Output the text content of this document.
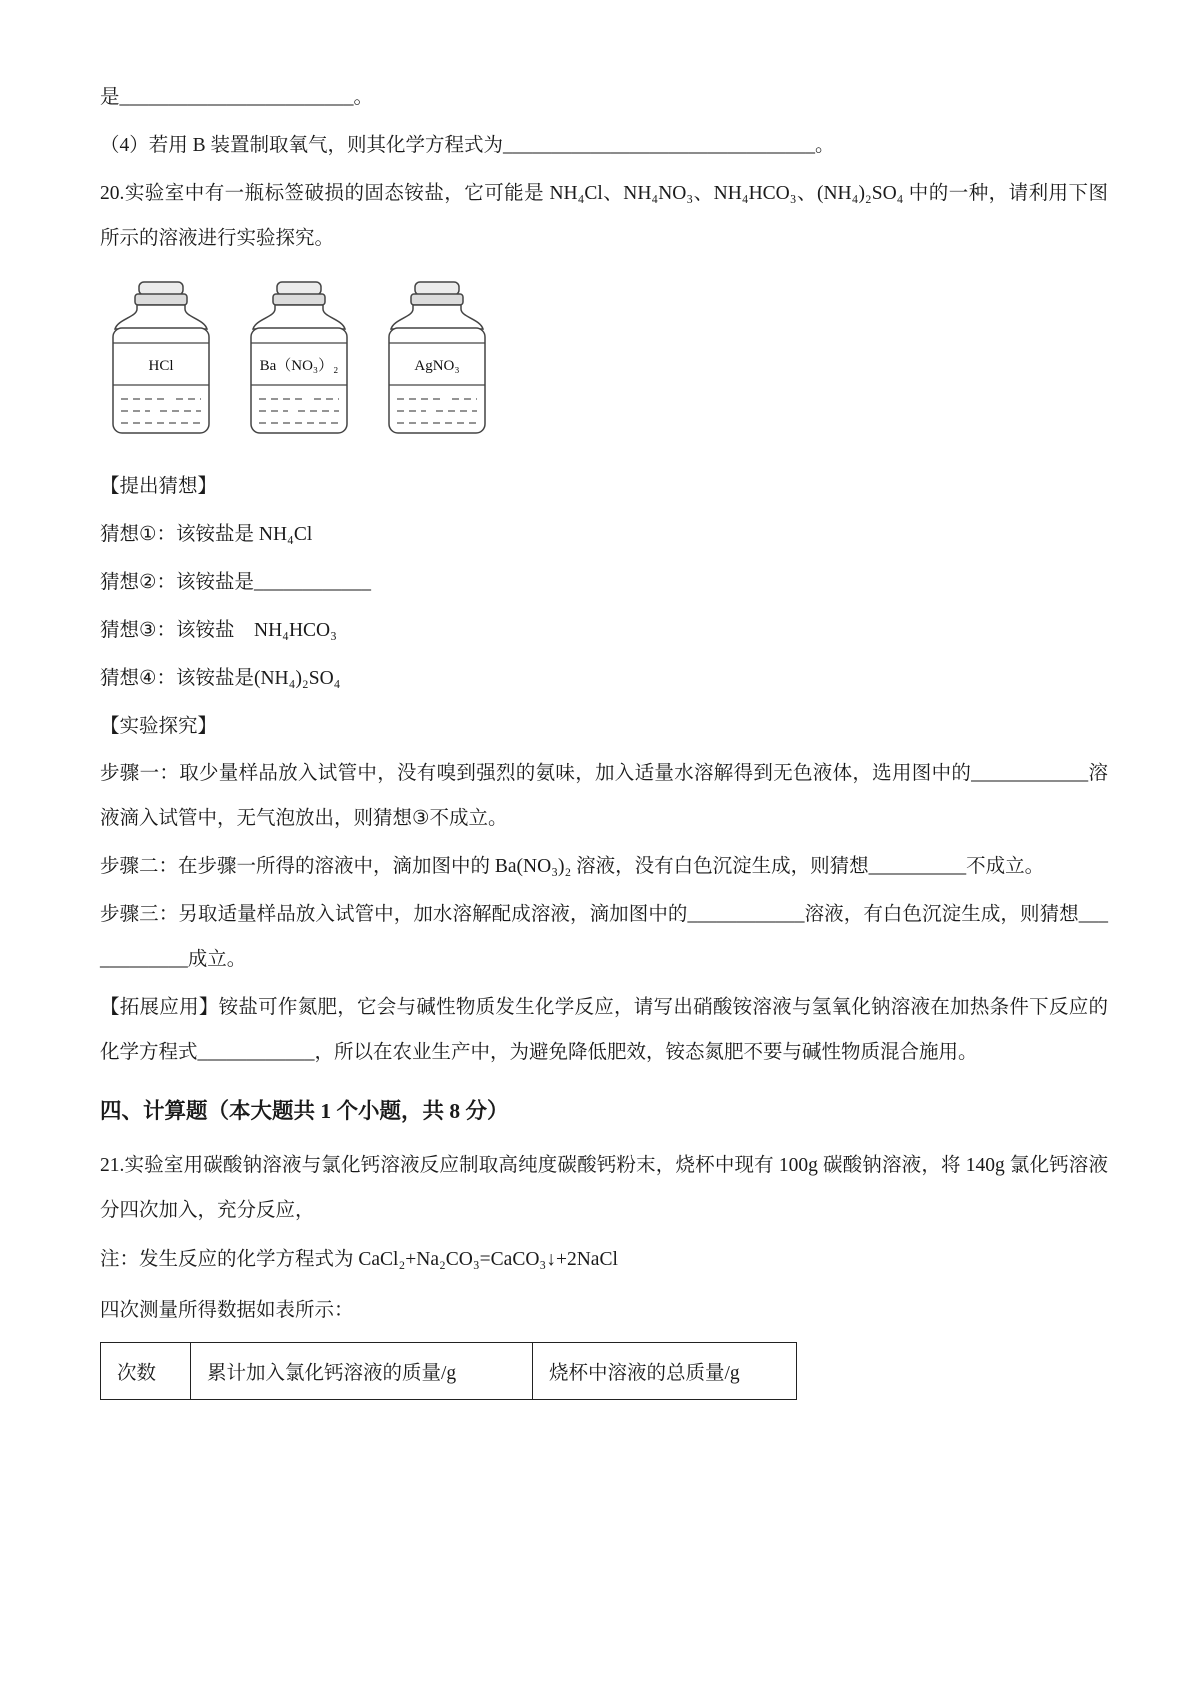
是________________________。

（4）若用 B 装置制取氧气，则其化学方程式为________________________________。

20.实验室中有一瓶标签破损的固态铵盐，它可能是 NH₄Cl、NH₄NO₃、NH₄HCO₃、(NH₄)₂SO₄ 中的一种，请利用下图所示的溶液进行实验探究。

HCl	Ba（NO₃）₂	AgNO₃

【提出猜想】

猜想①：该铵盐是 NH₄Cl

猜想②：该铵盐是____________

猜想③：该铵盐　NH₄HCO₃

猜想④：该铵盐是(NH₄)₂SO₄

【实验探究】

步骤一：取少量样品放入试管中，没有嗅到强烈的氨味，加入适量水溶解得到无色液体，选用图中的____________溶液滴入试管中，无气泡放出，则猜想③不成立。

步骤二：在步骤一所得的溶液中，滴加图中的 Ba(NO₃)₂ 溶液，没有白色沉淀生成，则猜想__________不成立。

步骤三：另取适量样品放入试管中，加水溶解配成溶液，滴加图中的____________溶液，有白色沉淀生成，则猜想____________成立。

【拓展应用】铵盐可作氮肥，它会与碱性物质发生化学反应，请写出硝酸铵溶液与氢氧化钠溶液在加热条件下反应的化学方程式____________，所以在农业生产中，为避免降低肥效，铵态氮肥不要与碱性物质混合施用。

四、计算题（本大题共 1 个小题，共 8 分）

21.实验室用碳酸钠溶液与氯化钙溶液反应制取高纯度碳酸钙粉末，烧杯中现有 100g 碳酸钠溶液，将 140g 氯化钙溶液分四次加入，充分反应，

注：发生反应的化学方程式为 CaCl₂+Na₂CO₃=CaCO₃↓+2NaCl

四次测量所得数据如表所示：

次数	累计加入氯化钙溶液的质量/g	烧杯中溶液的总质量/g
